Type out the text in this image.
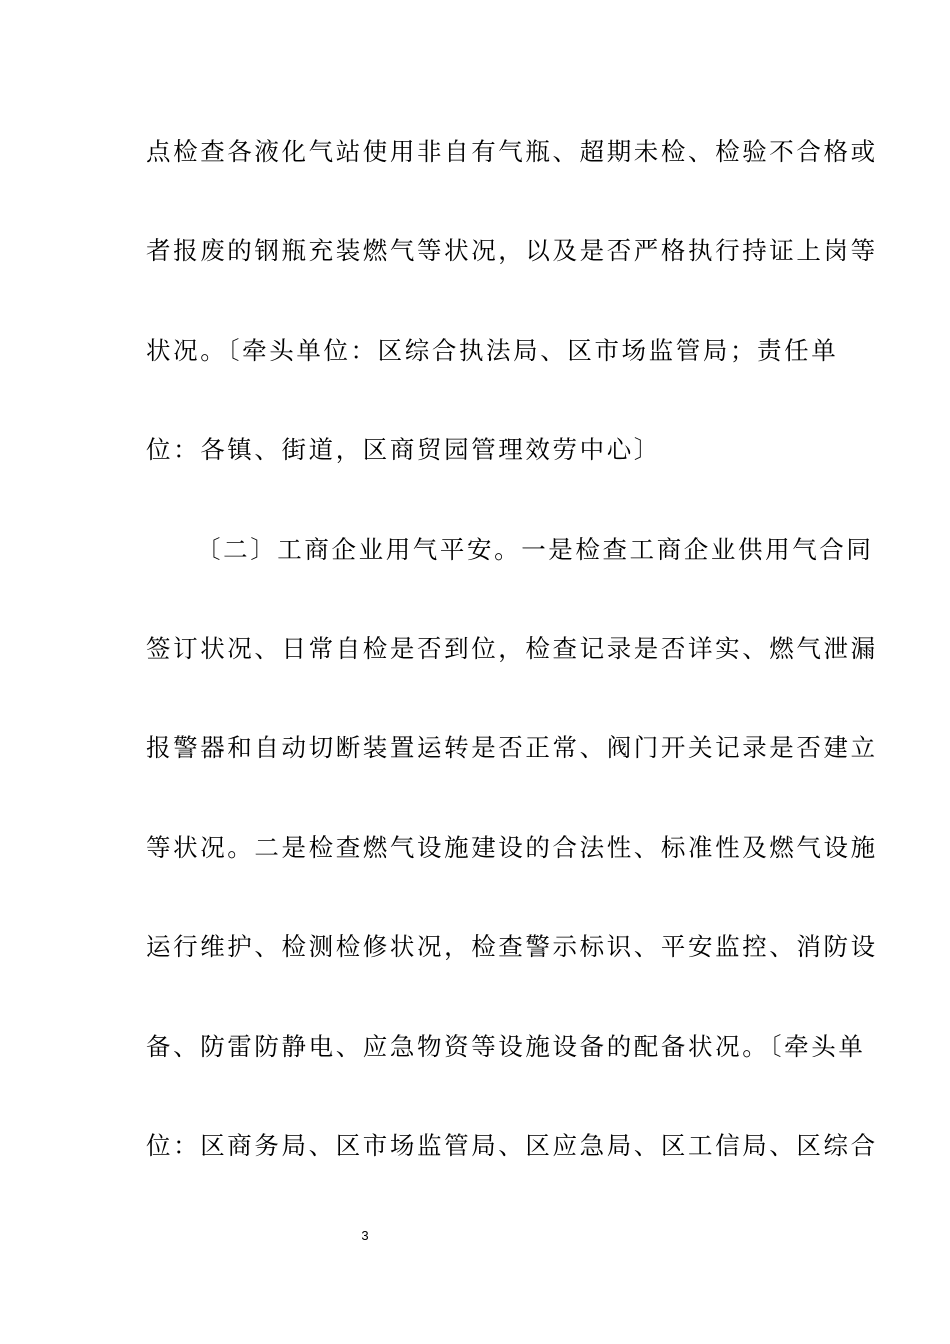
点检查各液化气站使用非自有气瓶、超期未检、检验不合格或
者报废的钢瓶充装燃气等状况，以及是否严格执行持证上岗等
状况。〔牵头单位：区综合执法局、区市场监管局；责任单
位：各镇、街道，区商贸园管理效劳中心〕
〔二〕工商企业用气平安。一是检查工商企业供用气合同
签订状况、日常自检是否到位，检查记录是否详实、燃气泄漏
报警器和自动切断装置运转是否正常、阀门开关记录是否建立
等状况。二是检查燃气设施建设的合法性、标准性及燃气设施
运行维护、检测检修状况，检查警示标识、平安监控、消防设
备、防雷防静电、应急物资等设施设备的配备状况。〔牵头单
位：区商务局、区市场监管局、区应急局、区工信局、区综合
3
